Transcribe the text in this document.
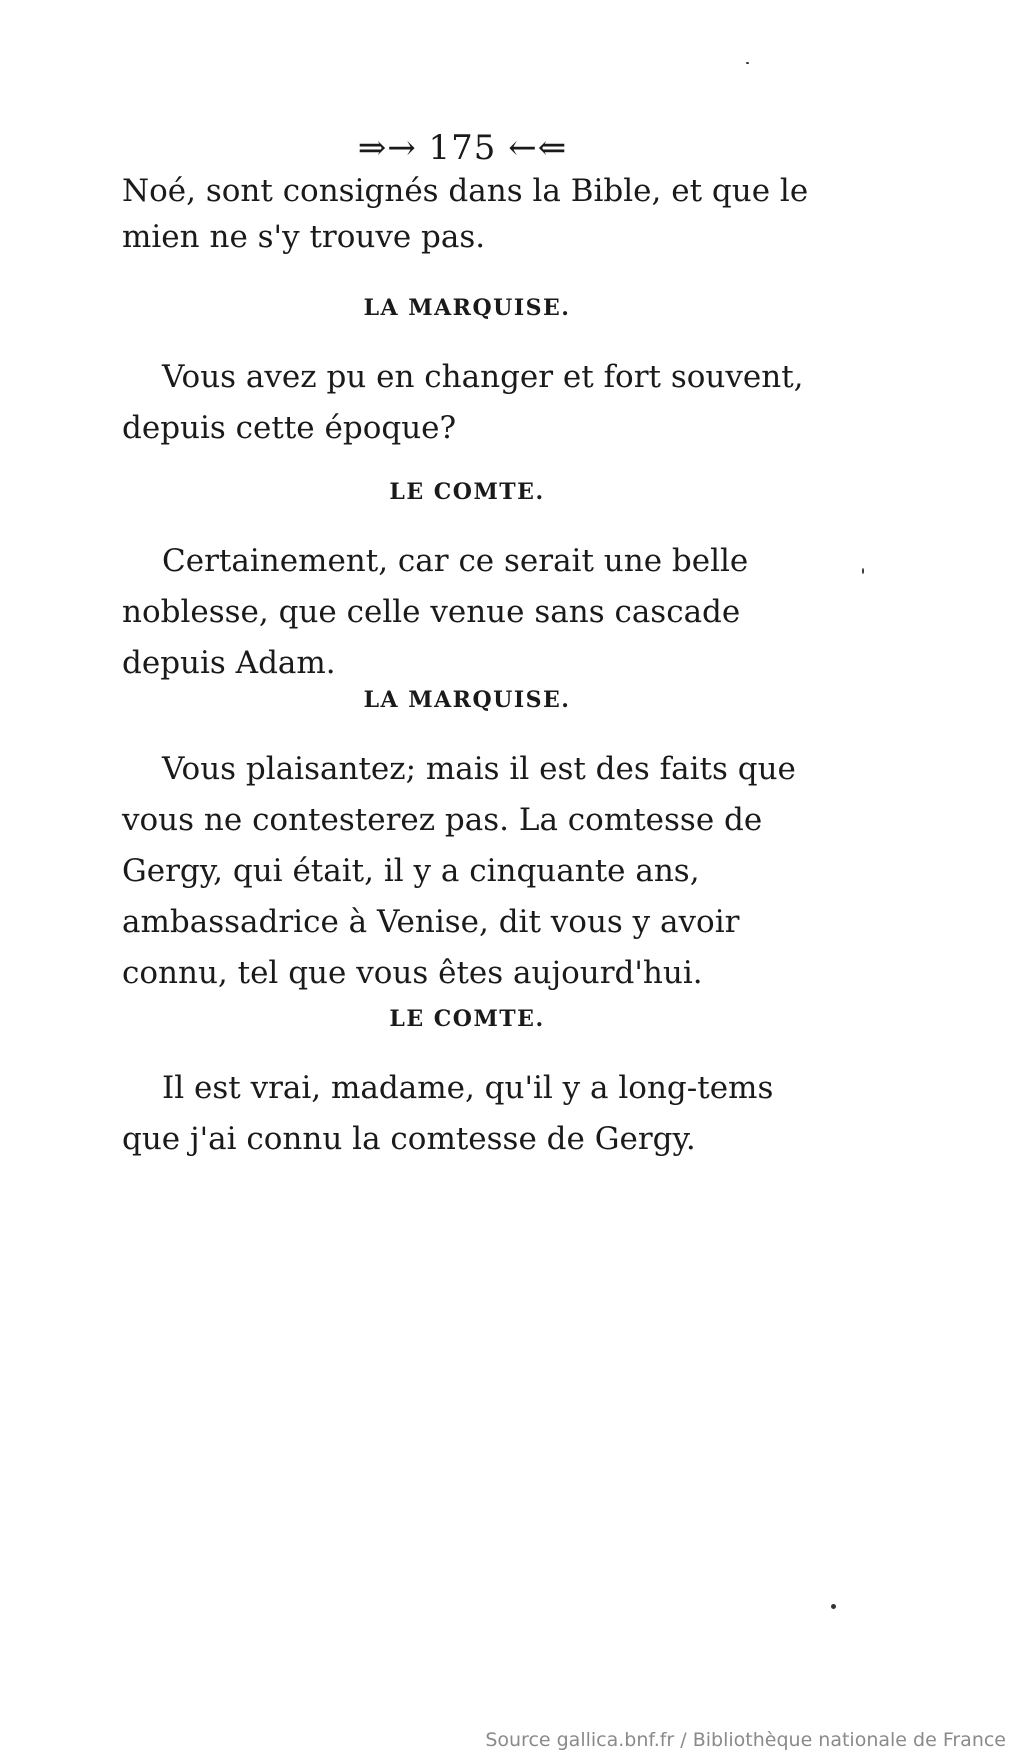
⇒→ 175 ←⇐

Noé, sont consignés dans la Bible, et que le

mien ne s'y trouve pas.

LA MARQUISE.

Vous avez pu en changer et fort souvent, depuis cette époque?

LE COMTE.

Certainement, car ce serait une belle noblesse, que celle venue sans cascade depuis Adam.

LA MARQUISE.

Vous plaisantez; mais il est des faits que vous ne contesterez pas. La comtesse de Gergy, qui était, il y a cinquante ans, ambassadrice à Venise, dit vous y avoir connu, tel que vous êtes aujourd'hui.

LE COMTE.

Il est vrai, madame, qu'il y a long-tems que j'ai connu la comtesse de Gergy.

Source gallica.bnf.fr / Bibliothèque nationale de France
